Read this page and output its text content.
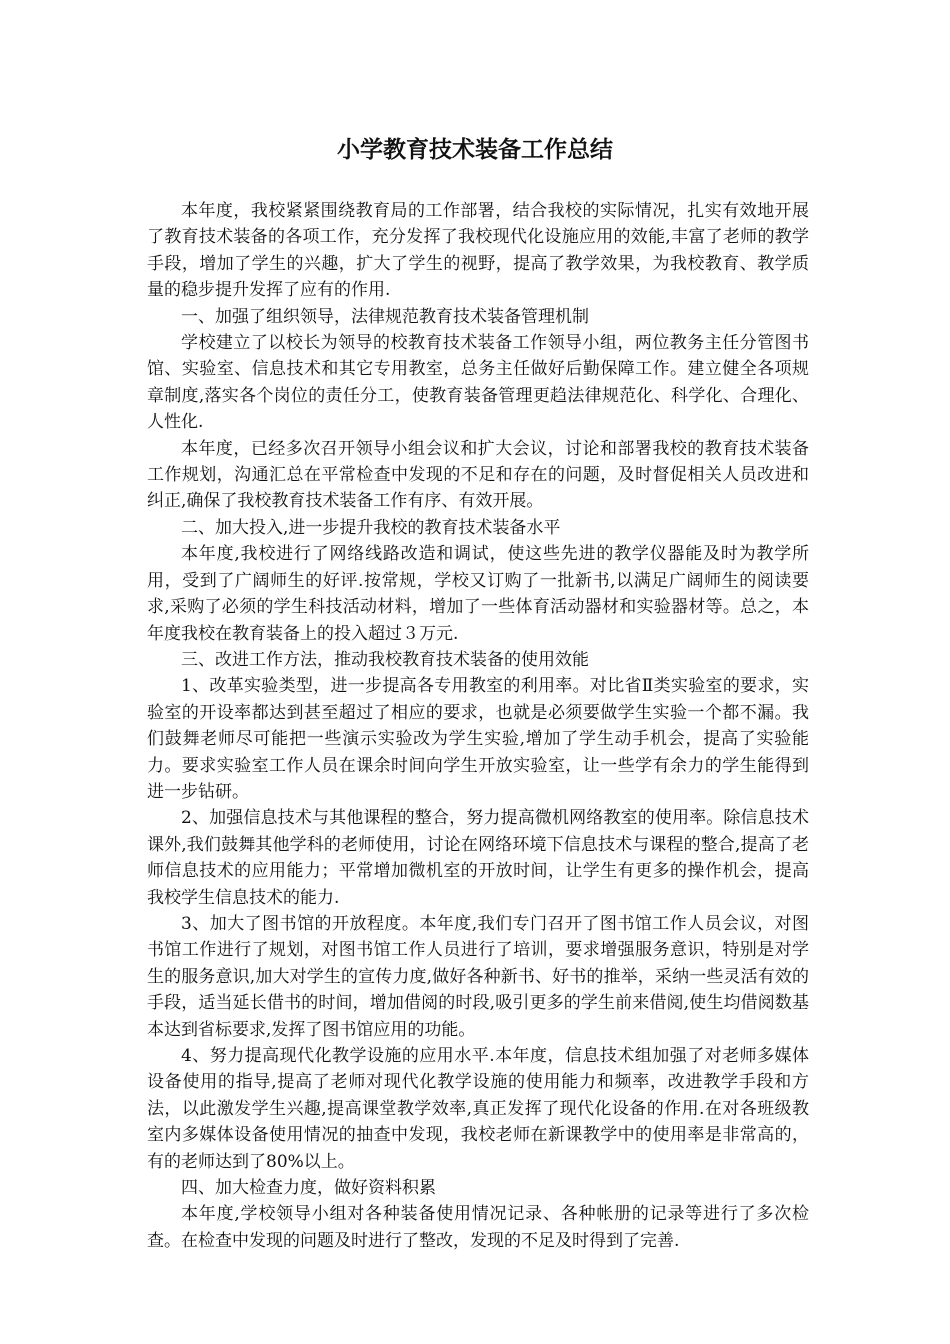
小学教育技术装备工作总结

本年度，我校紧紧围绕教育局的工作部署，结合我校的实际情况，扎实有效地开展了教育技术装备的各项工作，充分发挥了我校现代化设施应用的效能,丰富了老师的教学手段，增加了学生的兴趣，扩大了学生的视野，提高了教学效果，为我校教育、教学质量的稳步提升发挥了应有的作用.

一、加强了组织领导，法律规范教育技术装备管理机制

学校建立了以校长为领导的校教育技术装备工作领导小组，两位教务主任分管图书馆、实验室、信息技术和其它专用教室，总务主任做好后勤保障工作。建立健全各项规章制度,落实各个岗位的责任分工，使教育装备管理更趋法律规范化、科学化、合理化、人性化.

本年度，已经多次召开领导小组会议和扩大会议，讨论和部署我校的教育技术装备工作规划，沟通汇总在平常检查中发现的不足和存在的问题，及时督促相关人员改进和纠正,确保了我校教育技术装备工作有序、有效开展。

二、加大投入,进一步提升我校的教育技术装备水平

本年度,我校进行了网络线路改造和调试，使这些先进的教学仪器能及时为教学所用，受到了广阔师生的好评.按常规，学校又订购了一批新书,以满足广阔师生的阅读要求,采购了必须的学生科技活动材料，增加了一些体育活动器材和实验器材等。总之，本年度我校在教育装备上的投入超过３万元.

三、改进工作方法，推动我校教育技术装备的使用效能

1、改革实验类型，进一步提高各专用教室的利用率。对比省Ⅱ类实验室的要求，实验室的开设率都达到甚至超过了相应的要求，也就是必须要做学生实验一个都不漏。我们鼓舞老师尽可能把一些演示实验改为学生实验,增加了学生动手机会，提高了实验能力。要求实验室工作人员在课余时间向学生开放实验室，让一些学有余力的学生能得到进一步钻研。

2、加强信息技术与其他课程的整合，努力提高微机网络教室的使用率。除信息技术课外,我们鼓舞其他学科的老师使用，讨论在网络环境下信息技术与课程的整合,提高了老师信息技术的应用能力；平常增加微机室的开放时间，让学生有更多的操作机会，提高我校学生信息技术的能力.

3、加大了图书馆的开放程度。本年度,我们专门召开了图书馆工作人员会议，对图书馆工作进行了规划，对图书馆工作人员进行了培训，要求增强服务意识，特别是对学生的服务意识,加大对学生的宣传力度,做好各种新书、好书的推举，采纳一些灵活有效的手段，适当延长借书的时间，增加借阅的时段,吸引更多的学生前来借阅,使生均借阅数基本达到省标要求,发挥了图书馆应用的功能。

4、努力提高现代化教学设施的应用水平.本年度，信息技术组加强了对老师多媒体设备使用的指导,提高了老师对现代化教学设施的使用能力和频率，改进教学手段和方法，以此激发学生兴趣,提高课堂教学效率,真正发挥了现代化设备的作用.在对各班级教室内多媒体设备使用情况的抽查中发现，我校老师在新课教学中的使用率是非常高的，有的老师达到了80%以上。

四、加大检查力度，做好资料积累

本年度,学校领导小组对各种装备使用情况记录、各种帐册的记录等进行了多次检查。在检查中发现的问题及时进行了整改，发现的不足及时得到了完善.
